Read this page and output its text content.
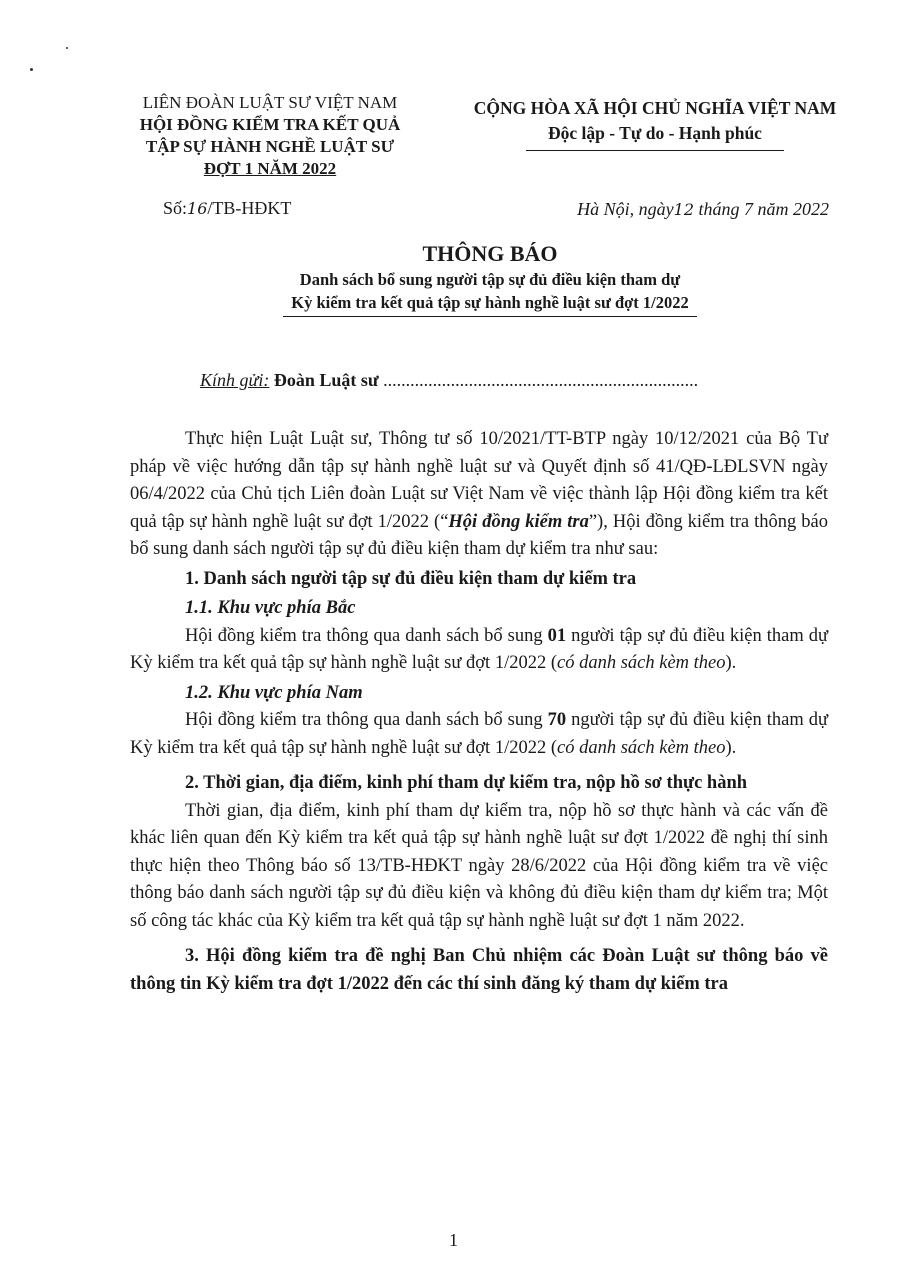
LIÊN ĐOÀN LUẬT SƯ VIỆT NAM
HỘI ĐỒNG KIỂM TRA KẾT QUẢ
TẬP SỰ HÀNH NGHỀ LUẬT SƯ
ĐỢT 1 NĂM 2022
CỘNG HÒA XÃ HỘI CHỦ NGHĨA VIỆT NAM
Độc lập - Tự do - Hạnh phúc
Số:16/TB-HĐKT	Hà Nội, ngày12 tháng 7 năm 2022
THÔNG BÁO
Danh sách bổ sung người tập sự đủ điều kiện tham dự
Kỳ kiểm tra kết quả tập sự hành nghề luật sư đợt 1/2022
Kính gửi: Đoàn Luật sư ......................................................................

Thực hiện Luật Luật sư, Thông tư số 10/2021/TT-BTP ngày 10/12/2021 của Bộ Tư pháp về việc hướng dẫn tập sự hành nghề luật sư và Quyết định số 41/QĐ-LĐLSVN ngày 06/4/2022 của Chủ tịch Liên đoàn Luật sư Việt Nam về việc thành lập Hội đồng kiểm tra kết quả tập sự hành nghề luật sư đợt 1/2022 (“Hội đồng kiểm tra”), Hội đồng kiểm tra thông báo bổ sung danh sách người tập sự đủ điều kiện tham dự kiểm tra như sau:

1. Danh sách người tập sự đủ điều kiện tham dự kiểm tra
1.1. Khu vực phía Bắc

Hội đồng kiểm tra thông qua danh sách bổ sung 01 người tập sự đủ điều kiện tham dự Kỳ kiểm tra kết quả tập sự hành nghề luật sư đợt 1/2022 (có danh sách kèm theo).

1.2. Khu vực phía Nam

Hội đồng kiểm tra thông qua danh sách bổ sung 70 người tập sự đủ điều kiện tham dự Kỳ kiểm tra kết quả tập sự hành nghề luật sư đợt 1/2022 (có danh sách kèm theo).

2. Thời gian, địa điểm, kinh phí tham dự kiểm tra, nộp hồ sơ thực hành

Thời gian, địa điểm, kinh phí tham dự kiểm tra, nộp hồ sơ thực hành và các vấn đề khác liên quan đến Kỳ kiểm tra kết quả tập sự hành nghề luật sư đợt 1/2022 đề nghị thí sinh thực hiện theo Thông báo số 13/TB-HĐKT ngày 28/6/2022 của Hội đồng kiểm tra về việc thông báo danh sách người tập sự đủ điều kiện và không đủ điều kiện tham dự kiểm tra; Một số công tác khác của Kỳ kiểm tra kết quả tập sự hành nghề luật sư đợt 1 năm 2022.

3. Hội đồng kiểm tra đề nghị Ban Chủ nhiệm các Đoàn Luật sư thông báo về thông tin Kỳ kiểm tra đợt 1/2022 đến các thí sinh đăng ký tham dự kiểm tra
1
